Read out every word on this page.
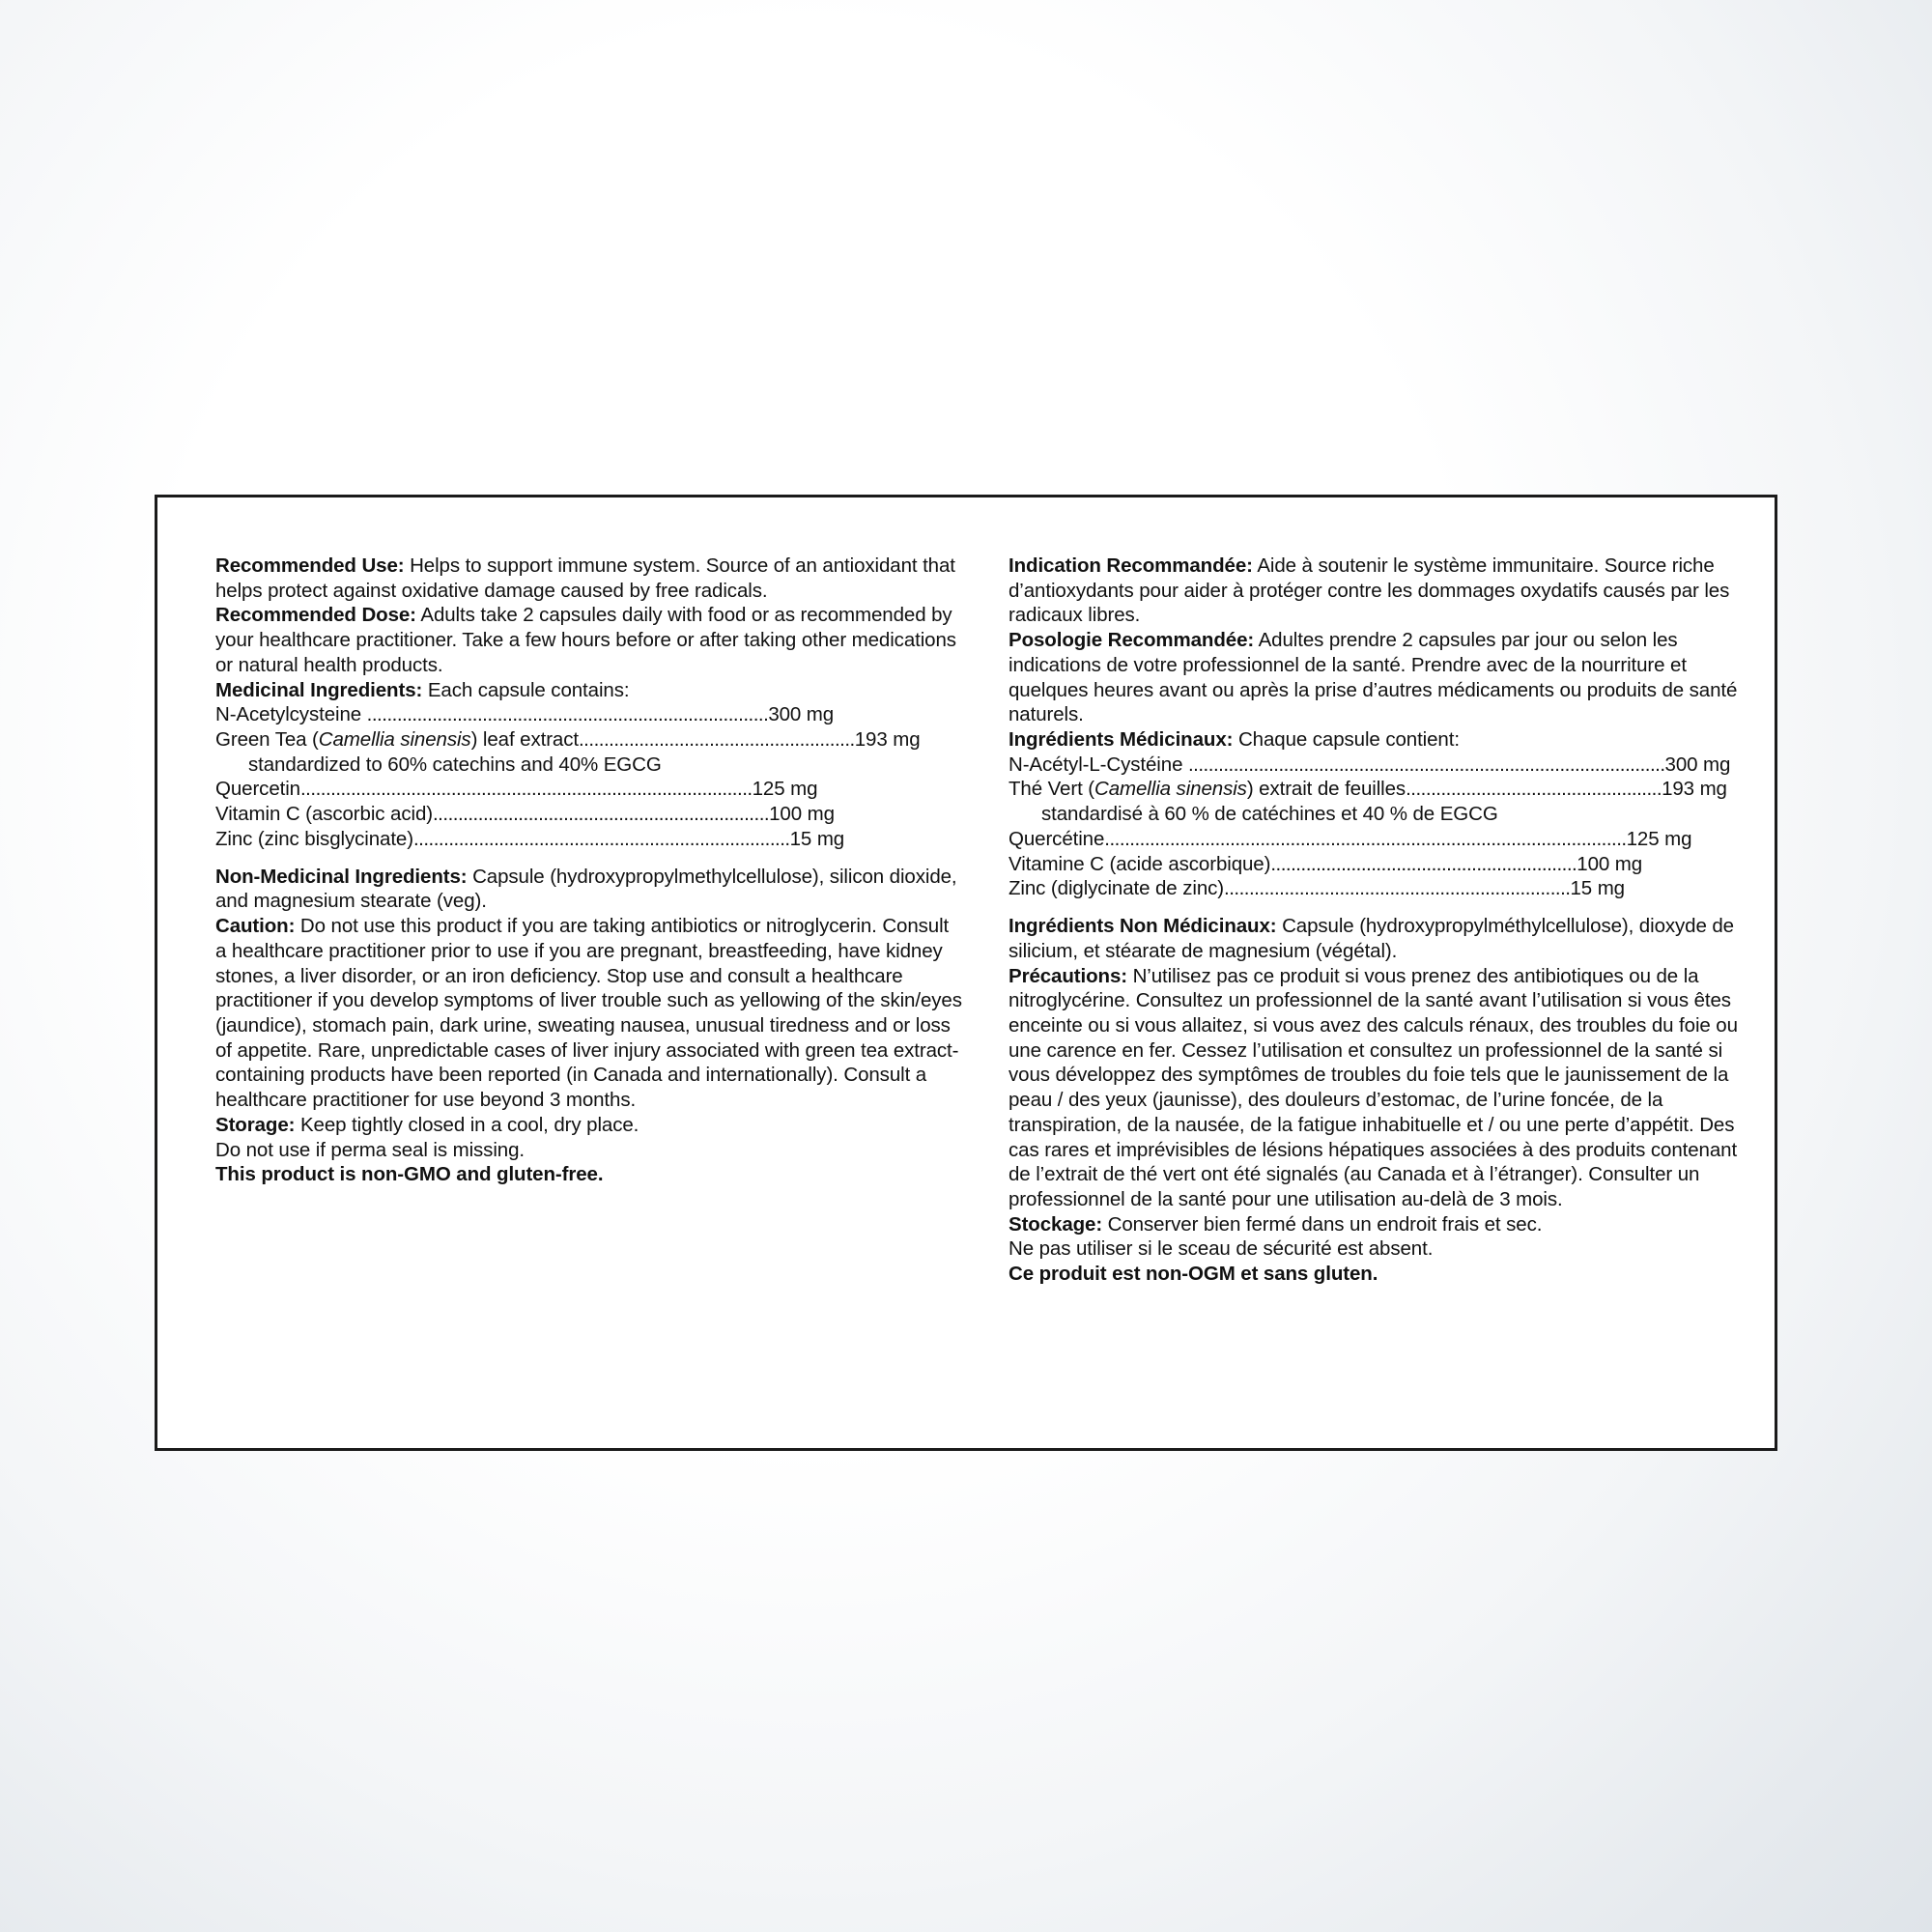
Recommended Use: Helps to support immune system. Source of an antioxidant that helps protect against oxidative damage caused by free radicals.

Recommended Dose: Adults take 2 capsules daily with food or as recommended by your healthcare practitioner. Take a few hours before or after taking other medications or natural health products.

Medicinal Ingredients: Each capsule contains:

N-Acetylcysteine ................................................................................300 mg
Green Tea (Camellia sinensis) leaf extract.......................................................193 mg
standardized to 60% catechins and 40% EGCG
Quercetin..........................................................................................125 mg
Vitamin C (ascorbic acid)...................................................................100 mg
Zinc (zinc bisglycinate)...........................................................................15 mg

Non-Medicinal Ingredients: Capsule (hydroxypropylmethylcellulose), silicon dioxide, and magnesium stearate (veg).

Caution: Do not use this product if you are taking antibiotics or nitroglycerin. Consult a healthcare practitioner prior to use if you are pregnant, breastfeeding, have kidney stones, a liver disorder, or an iron deficiency. Stop use and consult a healthcare practitioner if you develop symptoms of liver trouble such as yellowing of the skin/eyes (jaundice), stomach pain, dark urine, sweating nausea, unusual tiredness and or loss of appetite. Rare, unpredictable cases of liver injury associated with green tea extract-containing products have been reported (in Canada and internationally). Consult a healthcare practitioner for use beyond 3 months.

Storage: Keep tightly closed in a cool, dry place.

Do not use if perma seal is missing.

This product is non-GMO and gluten-free.

Indication Recommandée: Aide à soutenir le système immunitaire. Source riche d’antioxydants pour aider à protéger contre les dommages oxydatifs causés par les radicaux libres.

Posologie Recommandée: Adultes prendre 2 capsules par jour ou selon les indications de votre professionnel de la santé. Prendre avec de la nourriture et quelques heures avant ou après la prise d’autres médicaments ou produits de santé naturels.

Ingrédients Médicinaux: Chaque capsule contient:

N-Acétyl-L-Cystéine ...............................................................................................300 mg
Thé Vert (Camellia sinensis) extrait de feuilles...................................................193 mg
standardisé à 60 % de catéchines et 40 % de EGCG
Quercétine........................................................................................................125 mg
Vitamine C (acide ascorbique).............................................................100 mg
Zinc (diglycinate de zinc).....................................................................15 mg

Ingrédients Non Médicinaux: Capsule (hydroxypropylméthylcellulose), dioxyde de silicium, et stéarate de magnesium (végétal).

Précautions: N’utilisez pas ce produit si vous prenez des antibiotiques ou de la nitroglycérine. Consultez un professionnel de la santé avant l’utilisation si vous êtes enceinte ou si vous allaitez, si vous avez des calculs rénaux, des troubles du foie ou une carence en fer. Cessez l’utilisation et consultez un professionnel de la santé si vous développez des symptômes de troubles du foie tels que le jaunissement de la peau / des yeux (jaunisse), des douleurs d’estomac, de l’urine foncée, de la transpiration, de la nausée, de la fatigue inhabituelle et / ou une perte d’appétit. Des cas rares et imprévisibles de lésions hépatiques associées à des produits contenant de l’extrait de thé vert ont été signalés (au Canada et à l’étranger). Consulter un professionnel de la santé pour une utilisation au-delà de 3 mois.

Stockage: Conserver bien fermé dans un endroit frais et sec.

Ne pas utiliser si le sceau de sécurité est absent.

Ce produit est non-OGM et sans gluten.
